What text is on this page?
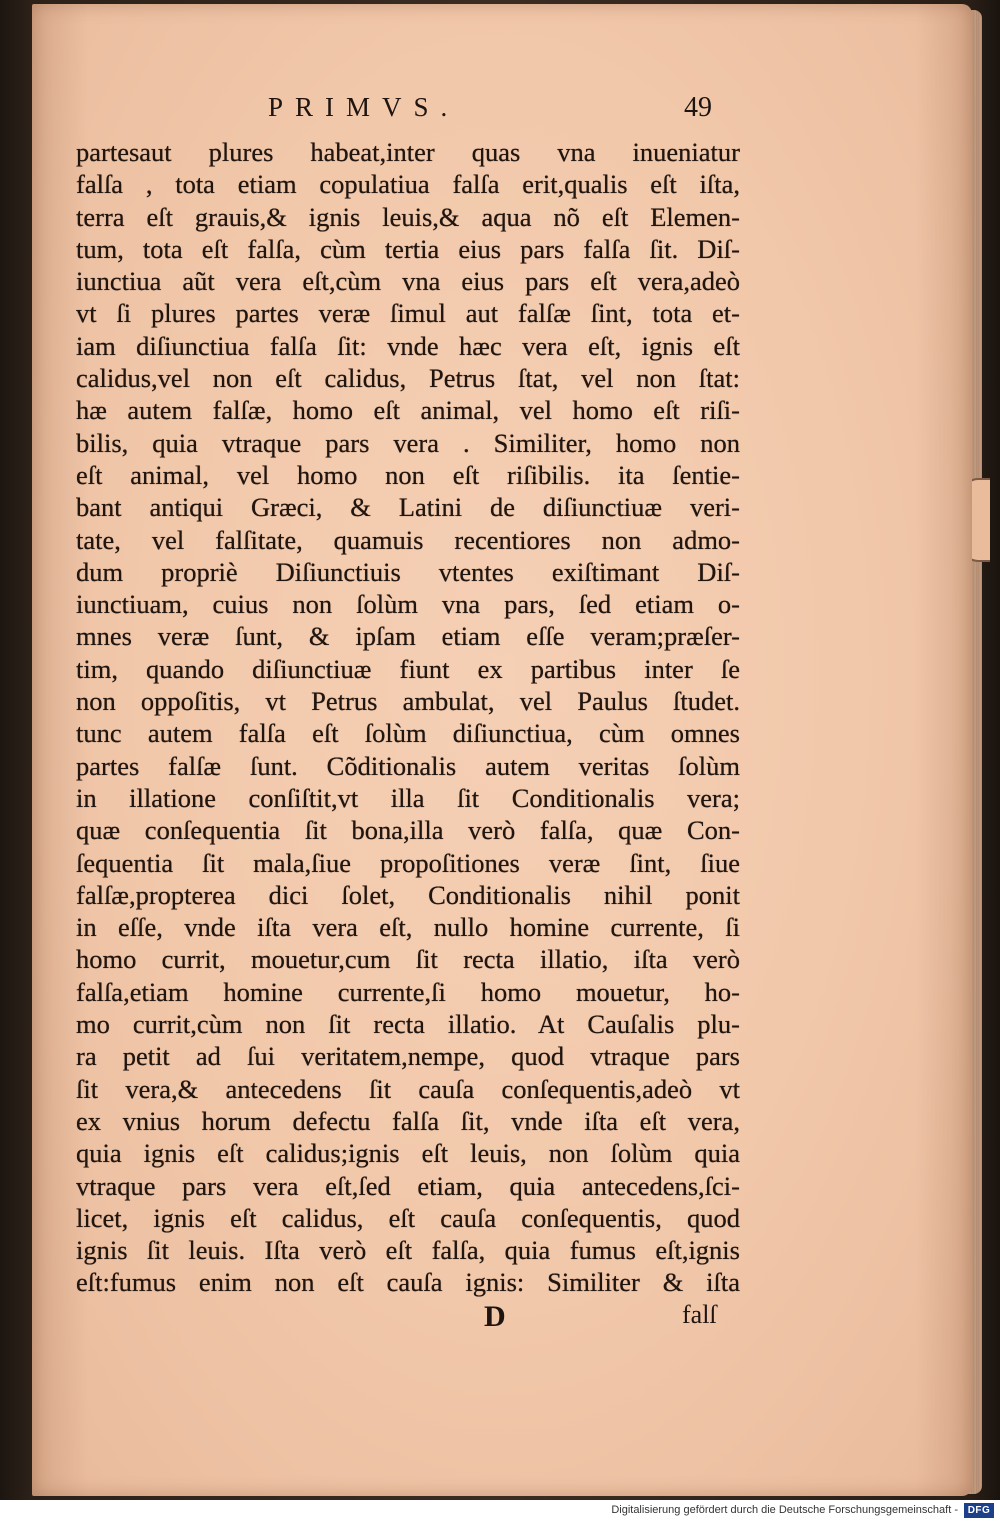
PRIMVS.	49
partesaut plures habeat,inter quas vna inueniatur
falſa , tota etiam copulatiua falſa erit,qualis eſt iſta,
terra eſt grauis,& ignis leuis,& aqua nõ eſt Elemen-
tum, tota eſt falſa, cùm tertia eius pars falſa ſit. Diſ-
iunctiua aũt vera eſt,cùm vna eius pars eſt vera,adeò
vt ſi plures partes veræ ſimul aut falſæ ſint, tota et-
iam diſiunctiua falſa ſit: vnde hæc vera eſt, ignis eſt
calidus,vel non eſt calidus, Petrus ſtat, vel non ſtat:
hæ autem falſæ, homo eſt animal, vel homo eſt riſi-
bilis, quia vtraque pars vera . Similiter, homo non
eſt animal, vel homo non eſt riſibilis. ita ſentie-
bant antiqui Græci, & Latini de diſiunctiuæ veri-
tate, vel falſitate, quamuis recentiores non admo-
dum propriè Diſiunctiuis vtentes exiſtimant Diſ-
iunctiuam, cuius non ſolùm vna pars, ſed etiam o-
mnes veræ ſunt, & ipſam etiam eſſe veram;præſer-
tim, quando diſiunctiuæ fiunt ex partibus inter ſe
non oppoſitis, vt Petrus ambulat, vel Paulus ſtudet.
tunc autem falſa eſt ſolùm diſiunctiua, cùm omnes
partes falſæ ſunt. Cõditionalis autem veritas ſolùm
in illatione conſiſtit,vt illa ſit Conditionalis vera;
quæ conſequentia ſit bona,illa verò falſa, quæ Con-
ſequentia ſit mala,ſiue propoſitiones veræ ſint, ſiue
falſæ,propterea dici ſolet, Conditionalis nihil ponit
in eſſe, vnde iſta vera eſt, nullo homine currente, ſi
homo currit, mouetur,cum ſit recta illatio, iſta verò
falſa,etiam homine currente,ſi homo mouetur, ho-
mo currit,cùm non ſit recta illatio. At Cauſalis plu-
ra petit ad ſui veritatem,nempe, quod vtraque pars
ſit vera,& antecedens ſit cauſa conſequentis,adeò vt
ex vnius horum defectu falſa ſit, vnde iſta eſt vera,
quia ignis eſt calidus;ignis eſt leuis, non ſolùm quia
vtraque pars vera eſt,ſed etiam, quia antecedens,ſci-
licet, ignis eſt calidus, eſt cauſa conſequentis, quod
ignis ſit leuis. Iſta verò eſt falſa, quia fumus eſt,ignis
eſt:fumus enim non eſt cauſa ignis: Similiter & iſta
D	falſ
Digitalisierung gefördert durch die Deutsche Forschungsgemeinschaft - DFG
